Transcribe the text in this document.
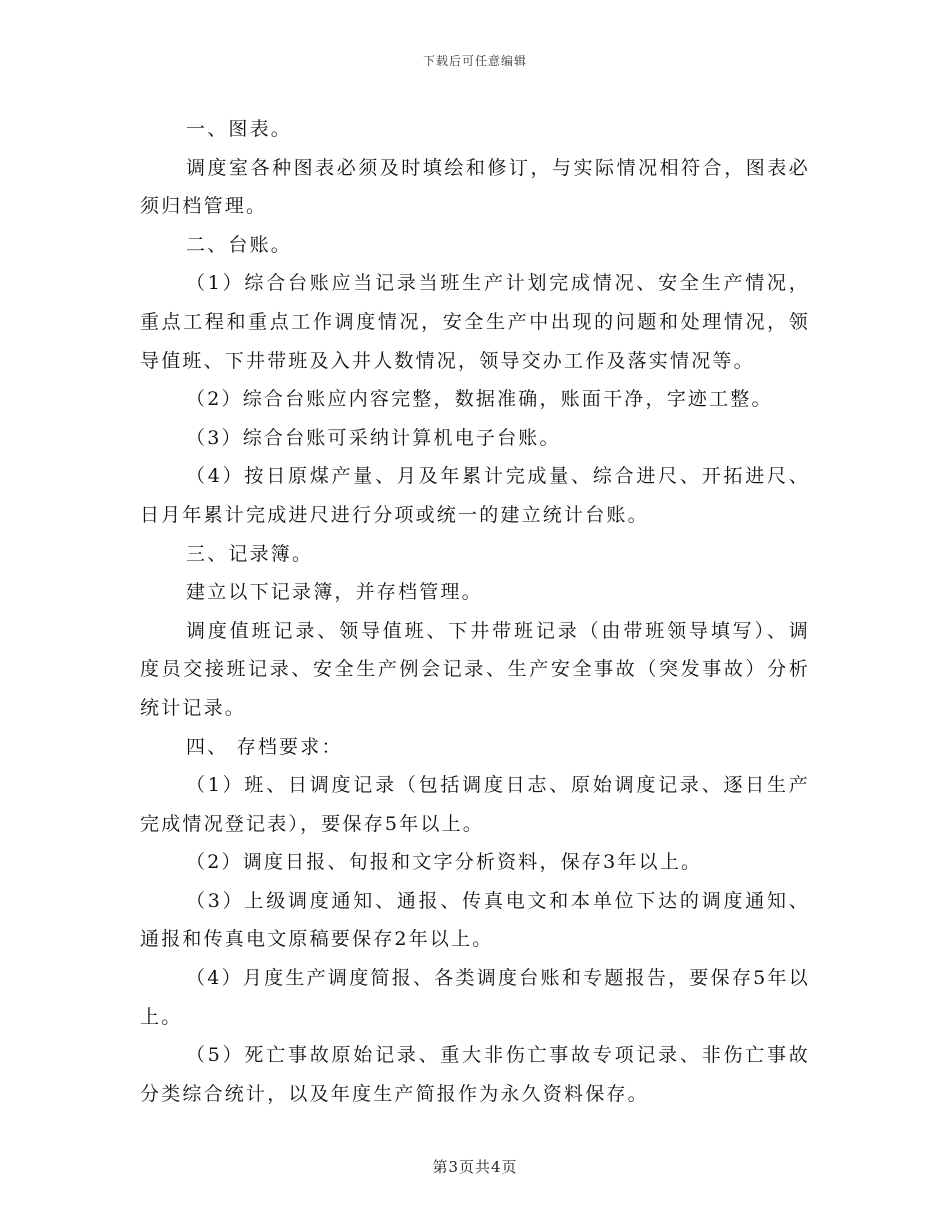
下载后可任意编辑

一、图表。

调度室各种图表必须及时填绘和修订，与实际情况相符合，图表必须归档管理。

二、台账。

（1）综合台账应当记录当班生产计划完成情况、安全生产情况，重点工程和重点工作调度情况，安全生产中出现的问题和处理情况，领导值班、下井带班及入井人数情况，领导交办工作及落实情况等。

（2）综合台账应内容完整，数据准确，账面干净，字迹工整。

（3）综合台账可采纳计算机电子台账。

（4）按日原煤产量、月及年累计完成量、综合进尺、开拓进尺、日月年累计完成进尺进行分项或统一的建立统计台账。

三、记录簿。

建立以下记录簿，并存档管理。

调度值班记录、领导值班、下井带班记录（由带班领导填写）、调度员交接班记录、安全生产例会记录、生产安全事故（突发事故）分析统计记录。

四、 存档要求：

（1）班、日调度记录（包括调度日志、原始调度记录、逐日生产完成情况登记表），要保存5年以上。

（2）调度日报、旬报和文字分析资料，保存3年以上。

（3）上级调度通知、通报、传真电文和本单位下达的调度通知、通报和传真电文原稿要保存2年以上。

（4）月度生产调度简报、各类调度台账和专题报告，要保存5年以上。

（5）死亡事故原始记录、重大非伤亡事故专项记录、非伤亡事故分类综合统计，以及年度生产简报作为永久资料保存。

第3页共4页
